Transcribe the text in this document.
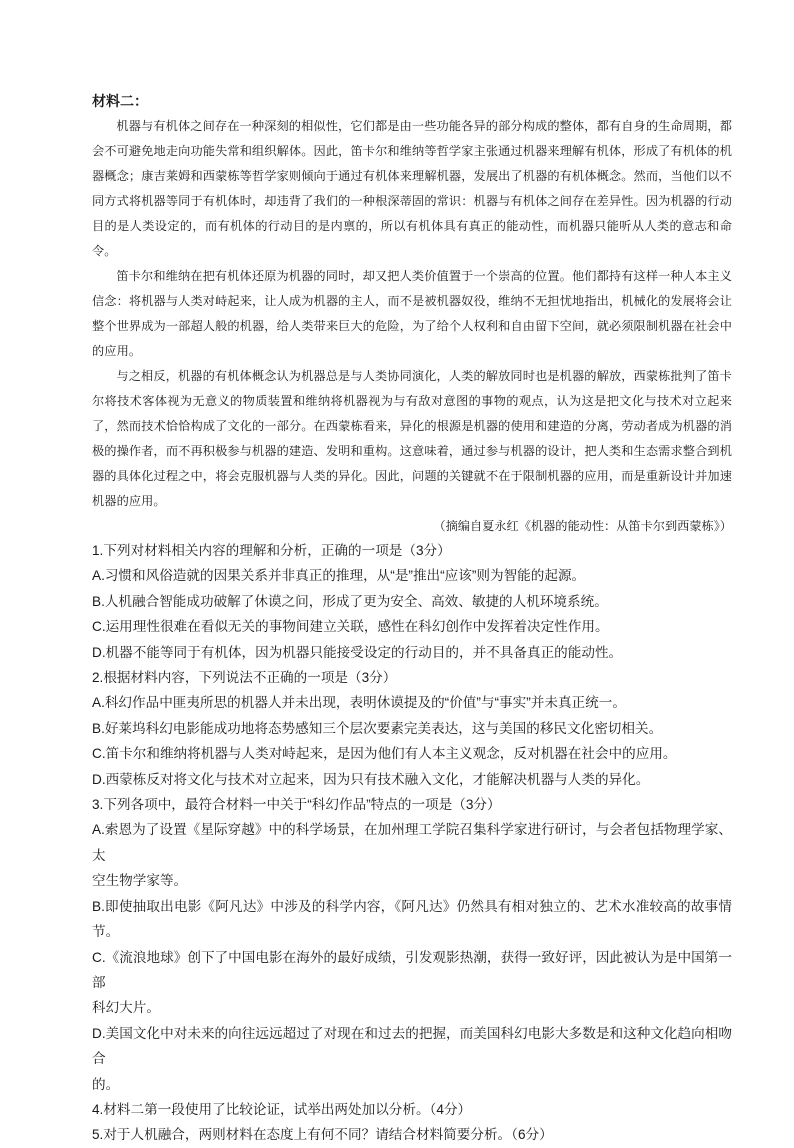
材料二：

机器与有机体之间存在一种深刻的相似性，它们都是由一些功能各异的部分构成的整体，都有自身的生命周期，都会不可避免地走向功能失常和组织解体。因此，笛卡尔和维纳等哲学家主张通过机器来理解有机体，形成了有机体的机器概念；康吉莱姆和西蒙栋等哲学家则倾向于通过有机体来理解机器，发展出了机器的有机体概念。然而，当他们以不同方式将机器等同于有机体时，却违背了我们的一种根深蒂固的常识：机器与有机体之间存在差异性。因为机器的行动目的是人类设定的，而有机体的行动目的是内禀的，所以有机体具有真正的能动性，而机器只能听从人类的意志和命令。

笛卡尔和维纳在把有机体还原为机器的同时，却又把人类价值置于一个崇高的位置。他们都持有这样一种人本主义信念：将机器与人类对峙起来，让人成为机器的主人，而不是被机器奴役，维纳不无担忧地指出，机械化的发展将会让整个世界成为一部超人般的机器，给人类带来巨大的危险，为了给个人权利和自由留下空间，就必须限制机器在社会中的应用。

与之相反，机器的有机体概念认为机器总是与人类协同演化，人类的解放同时也是机器的解放，西蒙栋批判了笛卡尔将技术客体视为无意义的物质装置和维纳将机器视为与有敌对意图的事物的观点，认为这是把文化与技术对立起来了，然而技术恰恰构成了文化的一部分。在西蒙栋看来，异化的根源是机器的使用和建造的分离，劳动者成为机器的消极的操作者，而不再积极参与机器的建造、发明和重构。这意味着，通过参与机器的设计，把人类和生态需求整合到机器的具体化过程之中，将会克服机器与人类的异化。因此，问题的关键就不在于限制机器的应用，而是重新设计并加速机器的应用。

（摘编自夏永红《机器的能动性：从笛卡尔到西蒙栋》）

1.下列对材料相关内容的理解和分析，正确的一项是（3分）

A.习惯和风俗造就的因果关系并非真正的推理，从“是”推出“应该”则为智能的起源。

B.人机融合智能成功破解了休谟之问，形成了更为安全、高效、敏捷的人机环境系统。

C.运用理性很难在看似无关的事物间建立关联，感性在科幻创作中发挥着决定性作用。

D.机器不能等同于有机体，因为机器只能接受设定的行动目的，并不具备真正的能动性。

2.根据材料内容，下列说法不正确的一项是（3分）

A.科幻作品中匪夷所思的机器人并未出现，表明休谟提及的“价值”与“事实”并未真正统一。

B.好莱坞科幻电影能成功地将态势感知三个层次要素完美表达，这与美国的移民文化密切相关。

C.笛卡尔和维纳将机器与人类对峙起来，是因为他们有人本主义观念，反对机器在社会中的应用。

D.西蒙栋反对将文化与技术对立起来，因为只有技术融入文化，才能解决机器与人类的异化。

3.下列各项中，最符合材料一中关于“科幻作品”特点的一项是（3分）

A.索恩为了设置《星际穿越》中的科学场景，在加州理工学院召集科学家进行研讨，与会者包括物理学家、太

空生物学家等。

B.即使抽取出电影《阿凡达》中涉及的科学内容，《阿凡达》仍然具有相对独立的、艺术水准较高的故事情节。

C.《流浪地球》创下了中国电影在海外的最好成绩，引发观影热潮，获得一致好评，因此被认为是中国第一部

科幻大片。

D.美国文化中对未来的向往远远超过了对现在和过去的把握，而美国科幻电影大多数是和这种文化趋向相吻合

的。

4.材料二第一段使用了比较论证，试举出两处加以分析。（4分）

5.对于人机融合，两则材料在态度上有何不同？请结合材料简要分析。（6分）
